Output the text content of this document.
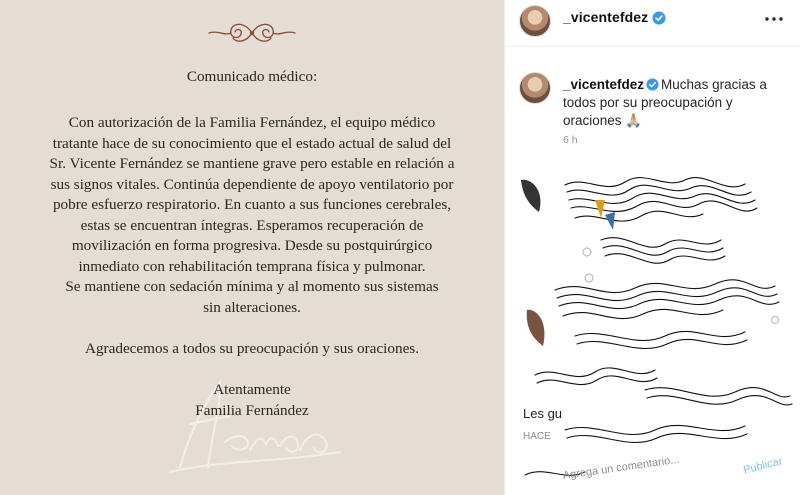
Comunicado médico:
Con autorización de la Familia Fernández, el equipo médico
tratante hace de su conocimiento que el estado actual de salud del
Sr. Vicente Fernández se mantiene grave pero estable en relación a
sus signos vitales. Continúa dependiente de apoyo ventilatorio por
pobre esfuerzo respiratorio. En cuanto a sus funciones cerebrales,
estas se encuentran íntegras. Esperamos recuperación de
movilización en forma progresiva. Desde su postquirúrgico
inmediato con rehabilitación temprana física y pulmonar.
Se mantiene con sedación mínima y al momento sus sistemas
sin alteraciones.
Agradecemos a todos su preocupación y sus oraciones.
Atentamente
Familia Fernández
_vicentefdez
_vicentefdez Muchas gracias a todos por su preocupación y oraciones 🙏🏼
6 h
Les gu
HACE
Agrega un comentario...	Publicar
